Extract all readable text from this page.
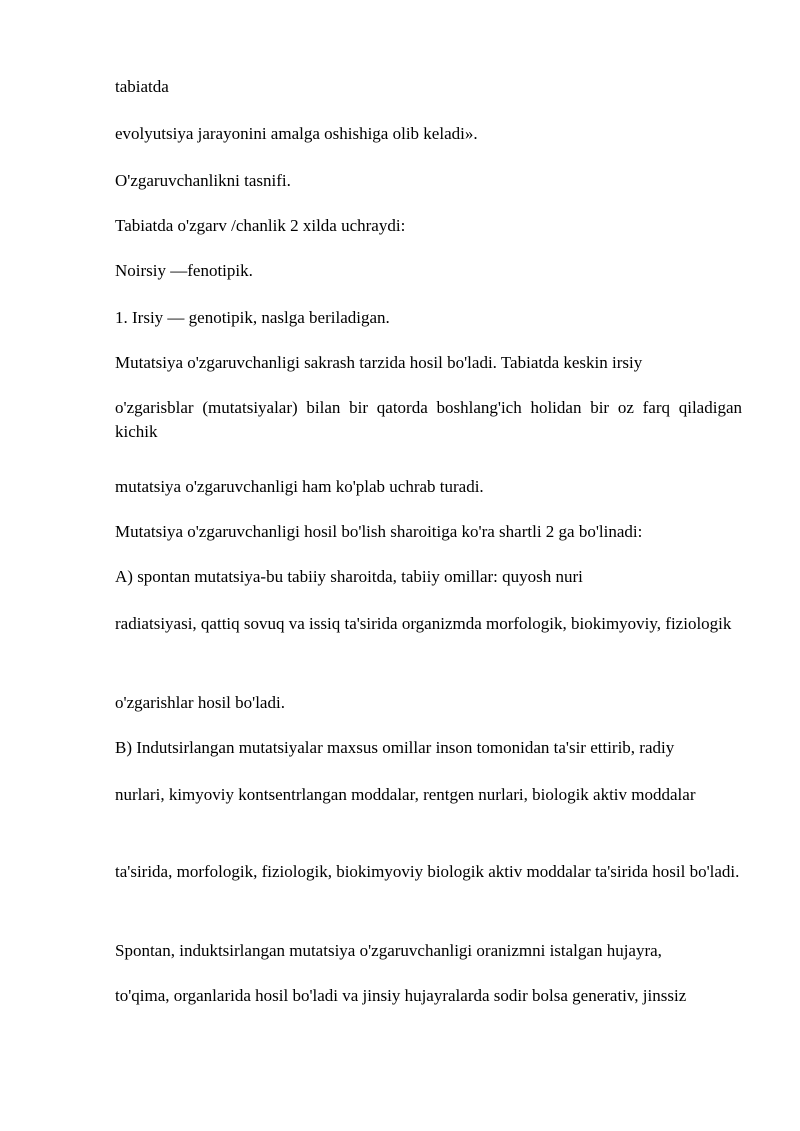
tabiatda
evolyutsiya jarayonini amalga oshishiga olib keladi».
O'zgaruvchanlikni tasnifi.
Tabiatda o'zgarv /chanlik 2 xilda uchraydi:
Noirsiy —fenotipik.
1. Irsiy — genotipik, naslga beriladigan.
Mutatsiya o'zgaruvchanligi sakrash tarzida hosil bo'ladi. Tabiatda keskin irsiy
o'zgarisblar (mutatsiyalar) bilan bir qatorda boshlang'ich holidan bir oz farq qiladigan kichik
mutatsiya o'zgaruvchanligi ham ko'plab uchrab turadi.
Mutatsiya o'zgaruvchanligi hosil bo'lish sharoitiga ko'ra shartli 2 ga bo'linadi:
A) spontan mutatsiya-bu tabiiy sharoitda, tabiiy omillar: quyosh nuri
radiatsiyasi, qattiq sovuq va issiq ta'sirida organizmda morfologik, biokimyoviy, fiziologik
o'zgarishlar hosil bo'ladi.
B) Indutsirlangan mutatsiyalar maxsus omillar inson tomonidan ta'sir ettirib, radiy
nurlari, kimyoviy kontsentrlangan moddalar, rentgen nurlari, biologik aktiv moddalar
ta'sirida, morfologik, fiziologik, biokimyoviy biologik aktiv moddalar ta'sirida hosil bo'ladi.
Spontan, induktsirlangan mutatsiya o'zgaruvchanligi oranizmni istalgan hujayra,
to'qima, organlarida hosil bo'ladi va jinsiy hujayralarda sodir bolsa generativ, jinssiz
